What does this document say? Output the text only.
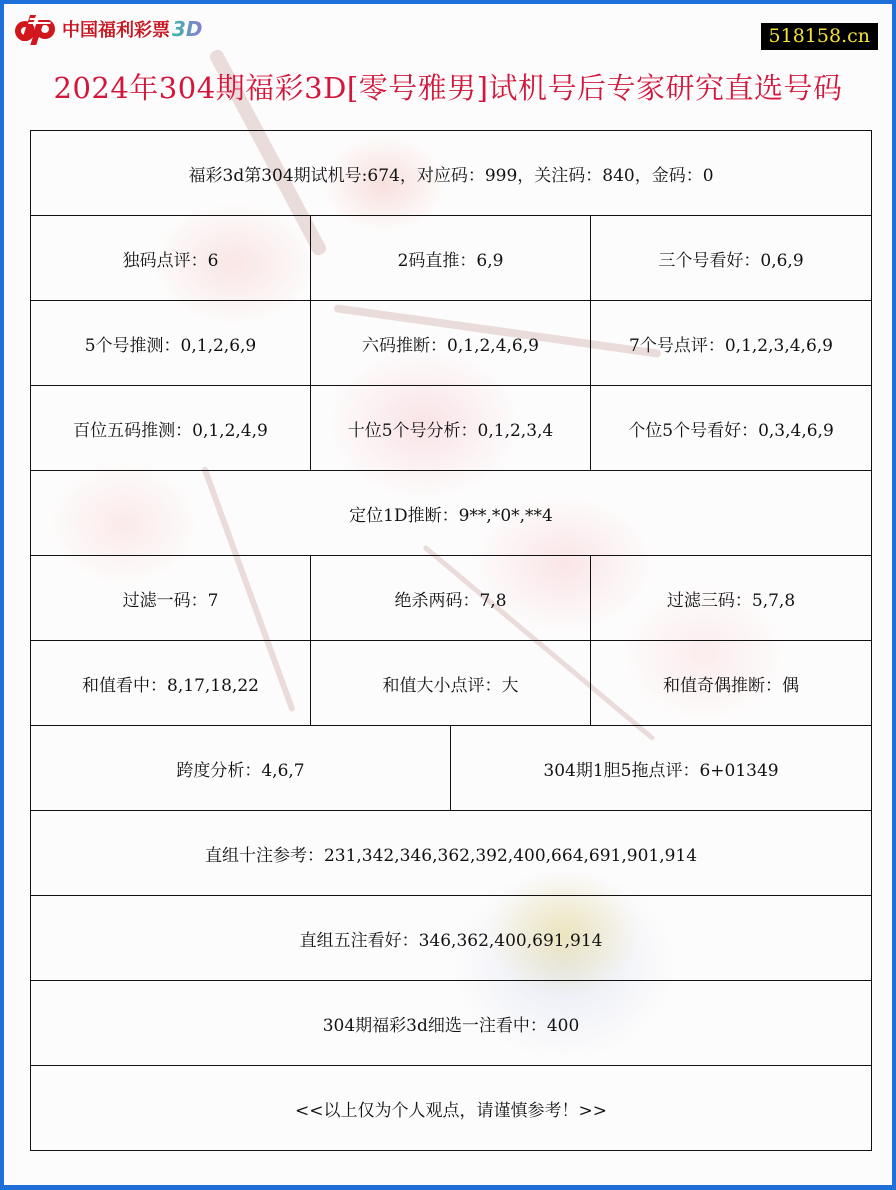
中国福利彩票 3D	518158.cn
2024年304期福彩3D[零号雅男]试机号后专家研究直选号码
福彩3d第304期试机号:674，对应码：999，关注码：840，金码：0			
独码点评：6	2码直推：6,9		三个号看好：0,6,9
5个号推测：0,1,2,6,9	六码推断：0,1,2,4,6,9		7个号点评：0,1,2,3,4,6,9
百位五码推测：0,1,2,4,9	十位5个号分析：0,1,2,3,4		个位5个号看好：0,3,4,6,9
定位1D推断：9**,*0*,**4			
过滤一码：7	绝杀两码：7,8		过滤三码：5,7,8
和值看中：8,17,18,22	和值大小点评：大		和值奇偶推断：偶
跨度分析：4,6,7		304期1胆5拖点评：6+01349	
直组十注参考：231,342,346,362,392,400,664,691,901,914			
直组五注看好：346,362,400,691,914			
304期福彩3d细选一注看中：400			
<<以上仅为个人观点，请谨慎参考！>>			
